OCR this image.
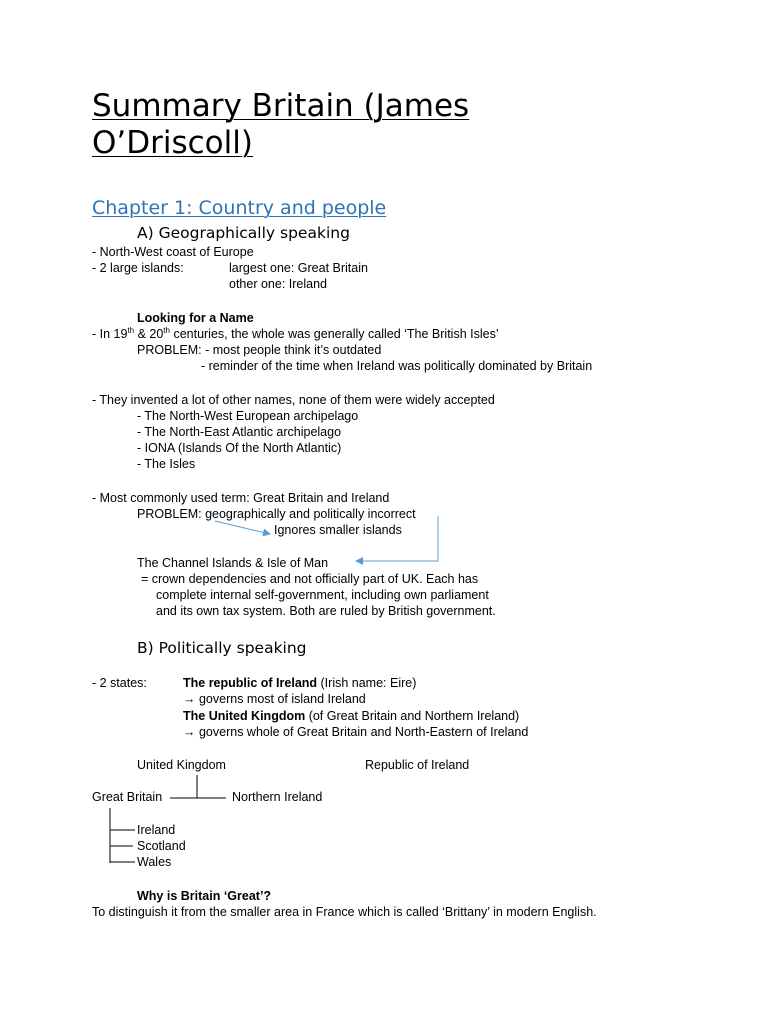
Summary Britain (James
O’Driscoll)
Chapter 1: Country and people
A) Geographically speaking
- North-West coast of Europe
- 2 large islands:	largest one: Great Britain
other one: Ireland
Looking for a Name
- In 19th & 20th centuries, the whole was generally called ‘The British Isles’
PROBLEM: - most people think it’s outdated
- reminder of the time when Ireland was politically dominated by Britain
- They invented a lot of other names, none of them were widely accepted
- The North-West European archipelago
- The North-East Atlantic archipelago
- IONA (Islands Of the North Atlantic)
- The Isles
- Most commonly used term: Great Britain and Ireland
PROBLEM: geographically and politically incorrect
Ignores smaller islands
The Channel Islands & Isle of Man
= crown dependencies and not officially part of UK. Each has
complete internal self-government, including own parliament
and its own tax system. Both are ruled by British government.
B) Politically speaking
- 2 states:	The republic of Ireland (Irish name: Eire)
→ governs most of island Ireland
The United Kingdom (of Great Britain and Northern Ireland)
→ governs whole of Great Britain and North-Eastern of Ireland
United Kingdom	Republic of Ireland
Great Britain	Northern Ireland
Ireland
Scotland
Wales
Why is Britain ‘Great’?
To distinguish it from the smaller area in France which is called ‘Brittany’ in modern English.
